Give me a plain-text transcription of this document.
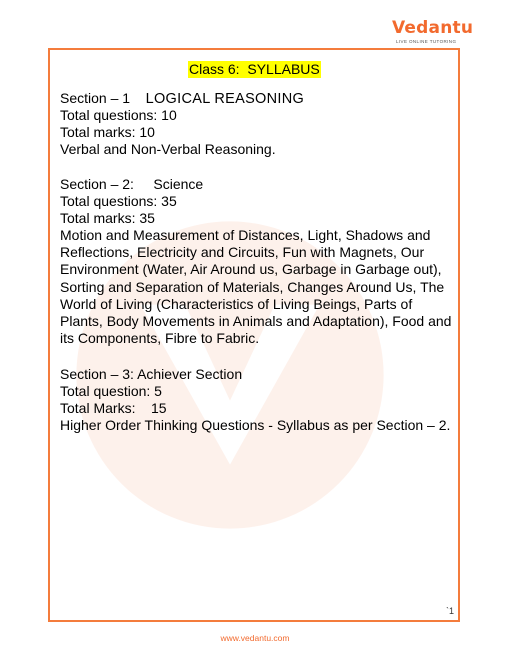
Vedantu
LIVE ONLINE TUTORING
Class 6:  SYLLABUS
Section – 1    LOGICAL REASONING
Total questions: 10
Total marks: 10
Verbal and Non-Verbal Reasoning.
Section – 2:     Science
Total questions: 35
Total marks: 35
Motion and Measurement of Distances, Light, Shadows and Reflections, Electricity and Circuits, Fun with Magnets, Our Environment (Water, Air Around us, Garbage in Garbage out), Sorting and Separation of Materials, Changes Around Us, The World of Living (Characteristics of Living Beings, Parts of Plants, Body Movements in Animals and Adaptation), Food and its Components, Fibre to Fabric.
Section – 3: Achiever Section
Total question: 5
Total Marks:    15
Higher Order Thinking Questions - Syllabus as per Section – 2.
`1
www.vedantu.com
